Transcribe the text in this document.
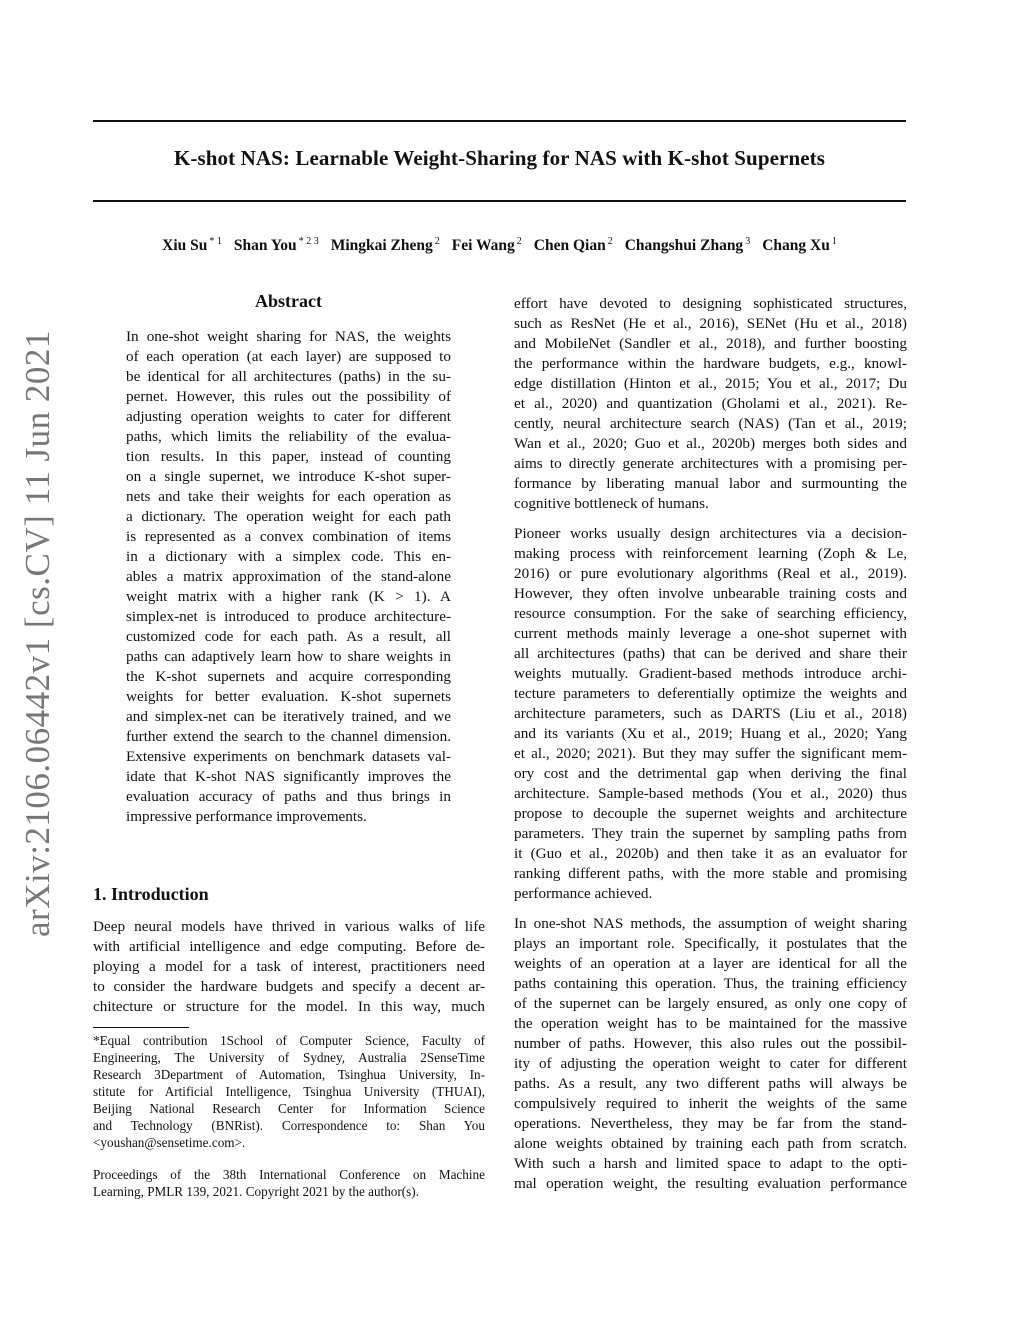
arXiv:2106.06442v1 [cs.CV] 11 Jun 2021
K-shot NAS: Learnable Weight-Sharing for NAS with K-shot Supernets
Xiu Su $^{* 1}$ Shan You $^{* 2 3}$ Mingkai Zheng $^2$ Fei Wang $^2$ Chen Qian $^2$ Changshui Zhang $^3$ Chang Xu $^1$
Abstract
In one-shot weight sharing for NAS, the weights
of each operation (at each layer) are supposed to
be identical for all architectures (paths) in the su-
pernet. However, this rules out the possibility of
adjusting operation weights to cater for different
paths, which limits the reliability of the evalua-
tion results. In this paper, instead of counting
on a single supernet, we introduce K-shot super-
nets and take their weights for each operation as
a dictionary. The operation weight for each path
is represented as a convex combination of items
in a dictionary with a simplex code. This en-
ables a matrix approximation of the stand-alone
weight matrix with a higher rank (K > 1). A
simplex-net is introduced to produce architecture-
customized code for each path. As a result, all
paths can adaptively learn how to share weights in
the K-shot supernets and acquire corresponding
weights for better evaluation. K-shot supernets
and simplex-net can be iteratively trained, and we
further extend the search to the channel dimension.
Extensive experiments on benchmark datasets val-
idate that K-shot NAS significantly improves the
evaluation accuracy of paths and thus brings in
impressive performance improvements.
1. Introduction
Deep neural models have thrived in various walks of life
with artificial intelligence and edge computing. Before de-
ploying a model for a task of interest, practitioners need
to consider the hardware budgets and specify a decent ar-
chitecture or structure for the model. In this way, much
*Equal contribution 1School of Computer Science, Faculty of
Engineering, The University of Sydney, Australia 2SenseTime
Research 3Department of Automation, Tsinghua University, In-
stitute for Artificial Intelligence, Tsinghua University (THUAI),
Beijing National Research Center for Information Science
and Technology (BNRist). Correspondence to: Shan You
<youshan@sensetime.com>.
Proceedings of the 38th International Conference on Machine
Learning, PMLR 139, 2021. Copyright 2021 by the author(s).
effort have devoted to designing sophisticated structures,
such as ResNet (He et al., 2016), SENet (Hu et al., 2018)
and MobileNet (Sandler et al., 2018), and further boosting
the performance within the hardware budgets, e.g., knowl-
edge distillation (Hinton et al., 2015; You et al., 2017; Du
et al., 2020) and quantization (Gholami et al., 2021). Re-
cently, neural architecture search (NAS) (Tan et al., 2019;
Wan et al., 2020; Guo et al., 2020b) merges both sides and
aims to directly generate architectures with a promising per-
formance by liberating manual labor and surmounting the
cognitive bottleneck of humans.
Pioneer works usually design architectures via a decision-
making process with reinforcement learning (Zoph & Le,
2016) or pure evolutionary algorithms (Real et al., 2019).
However, they often involve unbearable training costs and
resource consumption. For the sake of searching efficiency,
current methods mainly leverage a one-shot supernet with
all architectures (paths) that can be derived and share their
weights mutually. Gradient-based methods introduce archi-
tecture parameters to deferentially optimize the weights and
architecture parameters, such as DARTS (Liu et al., 2018)
and its variants (Xu et al., 2019; Huang et al., 2020; Yang
et al., 2020; 2021). But they may suffer the significant mem-
ory cost and the detrimental gap when deriving the final
architecture. Sample-based methods (You et al., 2020) thus
propose to decouple the supernet weights and architecture
parameters. They train the supernet by sampling paths from
it (Guo et al., 2020b) and then take it as an evaluator for
ranking different paths, with the more stable and promising
performance achieved.
In one-shot NAS methods, the assumption of weight sharing
plays an important role. Specifically, it postulates that the
weights of an operation at a layer are identical for all the
paths containing this operation. Thus, the training efficiency
of the supernet can be largely ensured, as only one copy of
the operation weight has to be maintained for the massive
number of paths. However, this also rules out the possibil-
ity of adjusting the operation weight to cater for different
paths. As a result, any two different paths will always be
compulsively required to inherit the weights of the same
operations. Nevertheless, they may be far from the stand-
alone weights obtained by training each path from scratch.
With such a harsh and limited space to adapt to the opti-
mal operation weight, the resulting evaluation performance
